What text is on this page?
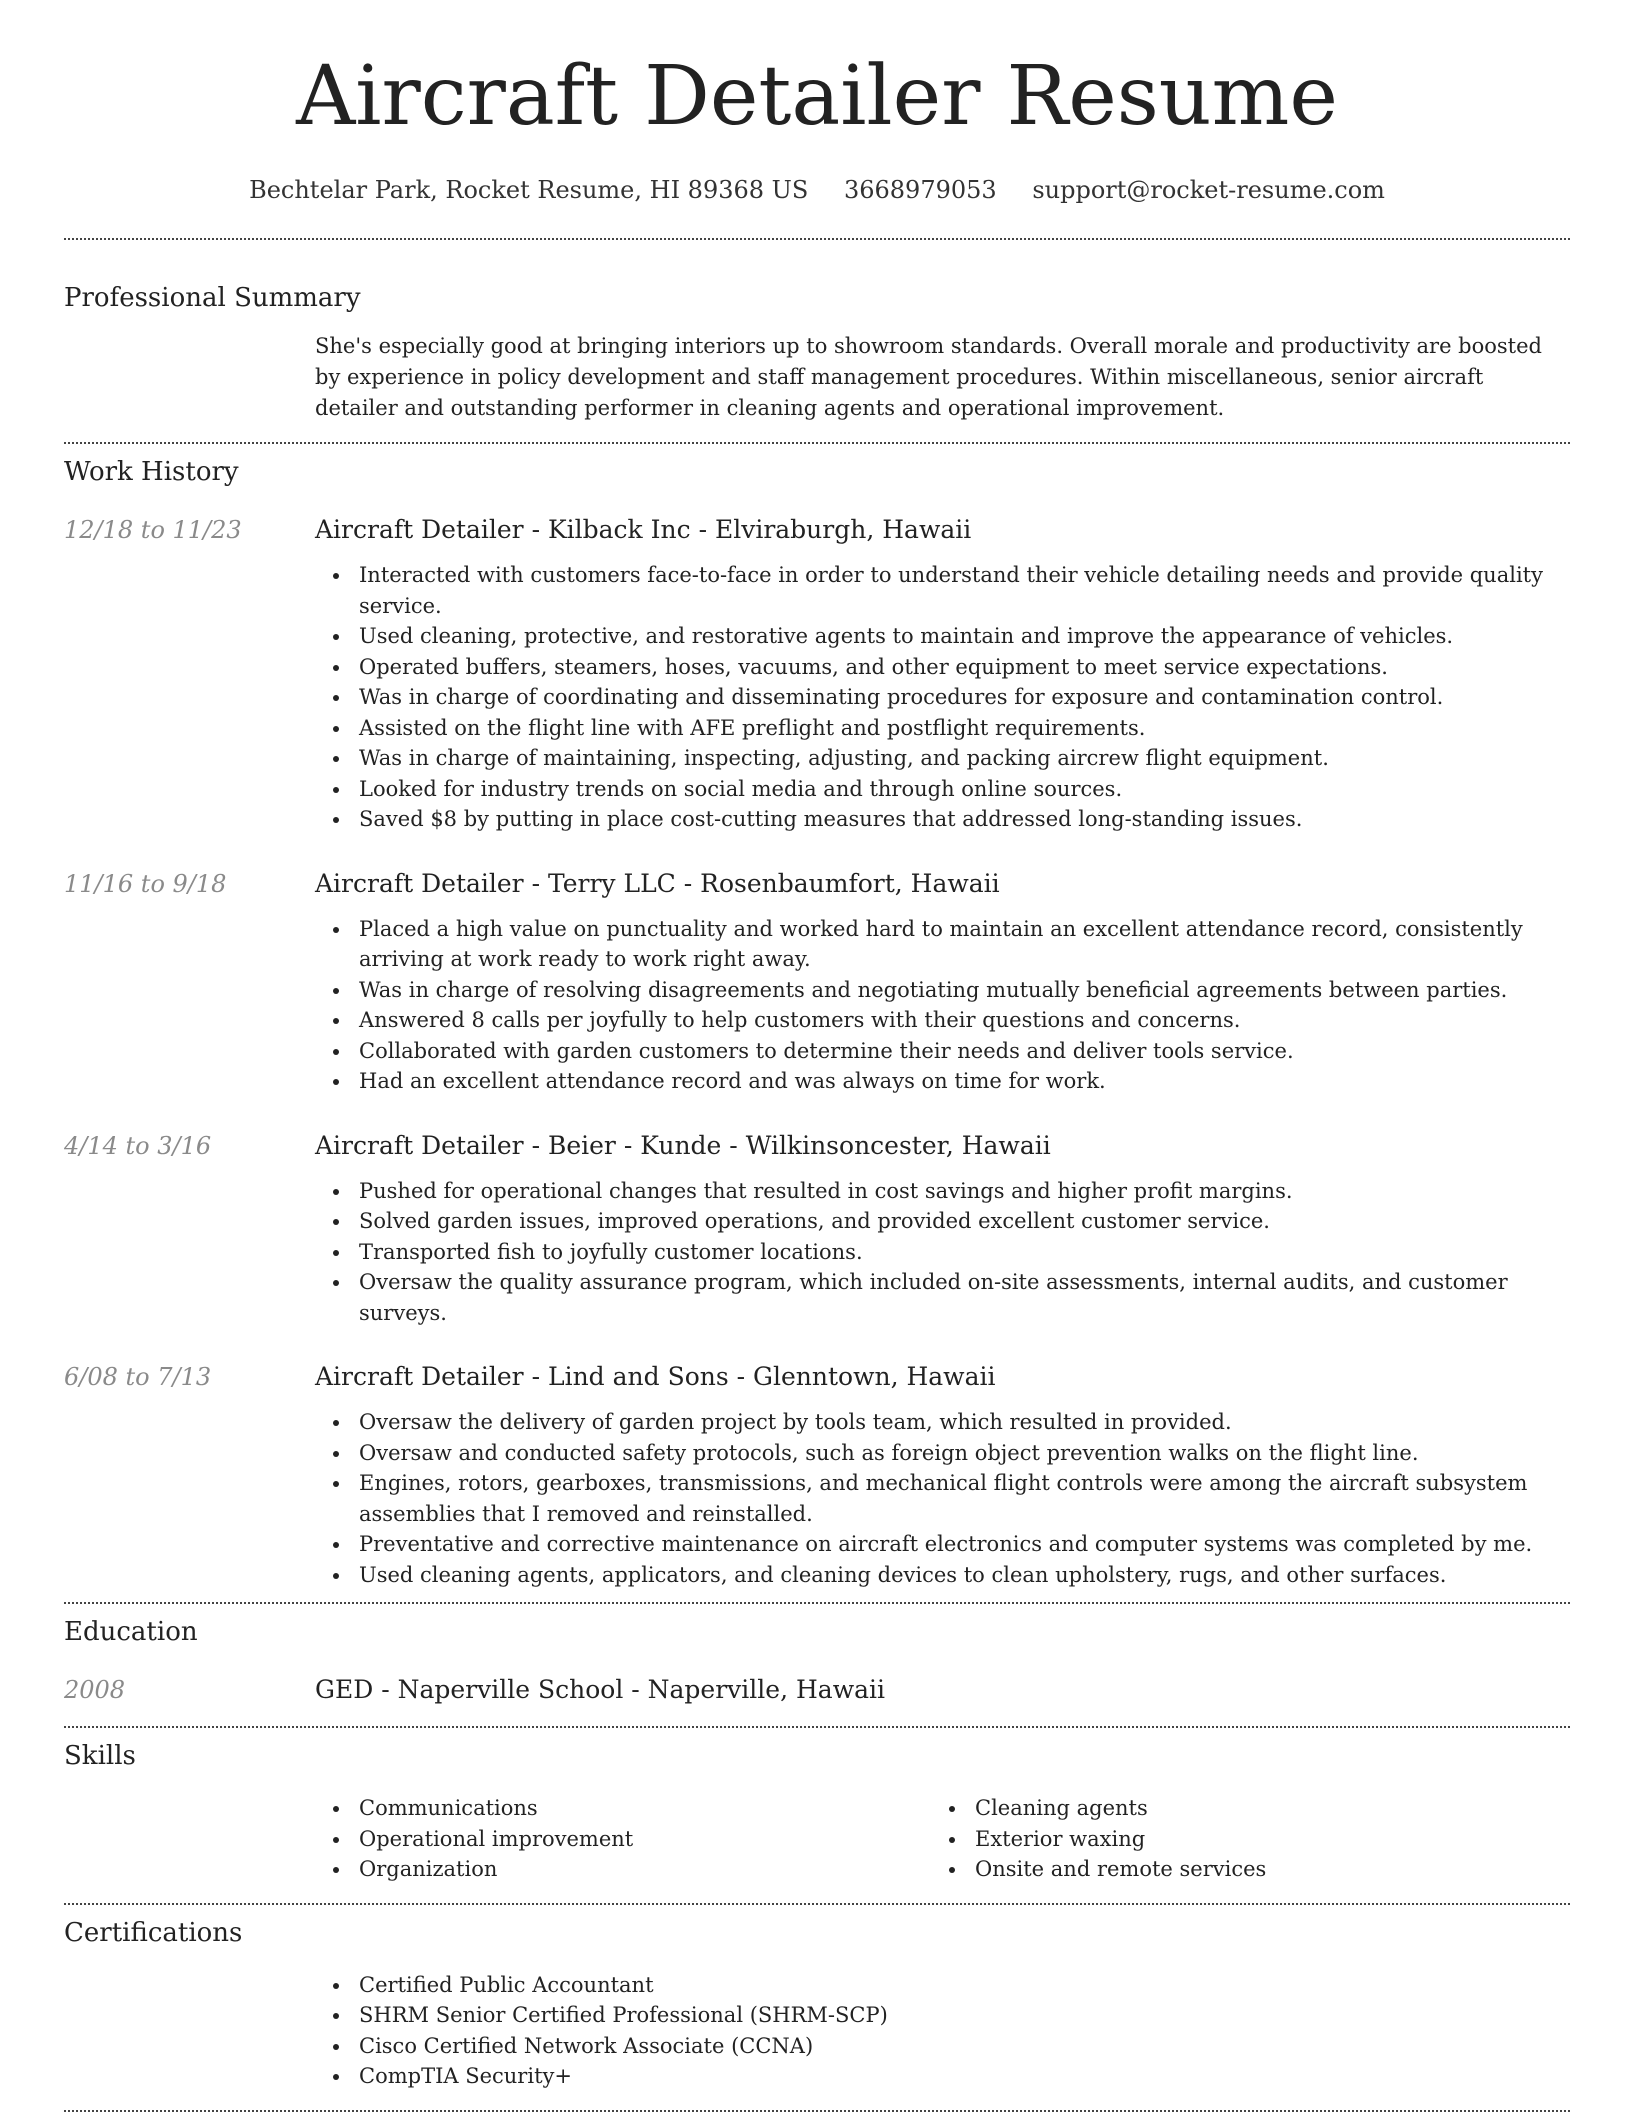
Aircraft Detailer Resume
Bechtelar Park, Rocket Resume, HI 89368 US 3668979053 support@rocket-resume.com
Professional Summary
She's especially good at bringing interiors up to showroom standards. Overall morale and productivity are boosted by experience in policy development and staff management procedures. Within miscellaneous, senior aircraft detailer and outstanding performer in cleaning agents and operational improvement.
Work History
12/18 to 11/23	Aircraft Detailer - Kilback Inc - Elviraburgh, Hawaii
Interacted with customers face-to-face in order to understand their vehicle detailing needs and provide quality service.
Used cleaning, protective, and restorative agents to maintain and improve the appearance of vehicles.
Operated buffers, steamers, hoses, vacuums, and other equipment to meet service expectations.
Was in charge of coordinating and disseminating procedures for exposure and contamination control.
Assisted on the flight line with AFE preflight and postflight requirements.
Was in charge of maintaining, inspecting, adjusting, and packing aircrew flight equipment.
Looked for industry trends on social media and through online sources.
Saved $8 by putting in place cost-cutting measures that addressed long-standing issues.
11/16 to 9/18	Aircraft Detailer - Terry LLC - Rosenbaumfort, Hawaii
Placed a high value on punctuality and worked hard to maintain an excellent attendance record, consistently arriving at work ready to work right away.
Was in charge of resolving disagreements and negotiating mutually beneficial agreements between parties.
Answered 8 calls per joyfully to help customers with their questions and concerns.
Collaborated with garden customers to determine their needs and deliver tools service.
Had an excellent attendance record and was always on time for work.
4/14 to 3/16	Aircraft Detailer - Beier - Kunde - Wilkinsoncester, Hawaii
Pushed for operational changes that resulted in cost savings and higher profit margins.
Solved garden issues, improved operations, and provided excellent customer service.
Transported fish to joyfully customer locations.
Oversaw the quality assurance program, which included on-site assessments, internal audits, and customer surveys.
6/08 to 7/13	Aircraft Detailer - Lind and Sons - Glenntown, Hawaii
Oversaw the delivery of garden project by tools team, which resulted in provided.
Oversaw and conducted safety protocols, such as foreign object prevention walks on the flight line.
Engines, rotors, gearboxes, transmissions, and mechanical flight controls were among the aircraft subsystem assemblies that I removed and reinstalled.
Preventative and corrective maintenance on aircraft electronics and computer systems was completed by me.
Used cleaning agents, applicators, and cleaning devices to clean upholstery, rugs, and other surfaces.
Education
2008	GED - Naperville School - Naperville, Hawaii
Skills
Communications
Operational improvement
Organization
Cleaning agents
Exterior waxing
Onsite and remote services
Certifications
Certified Public Accountant
SHRM Senior Certified Professional (SHRM-SCP)
Cisco Certified Network Associate (CCNA)
CompTIA Security+
